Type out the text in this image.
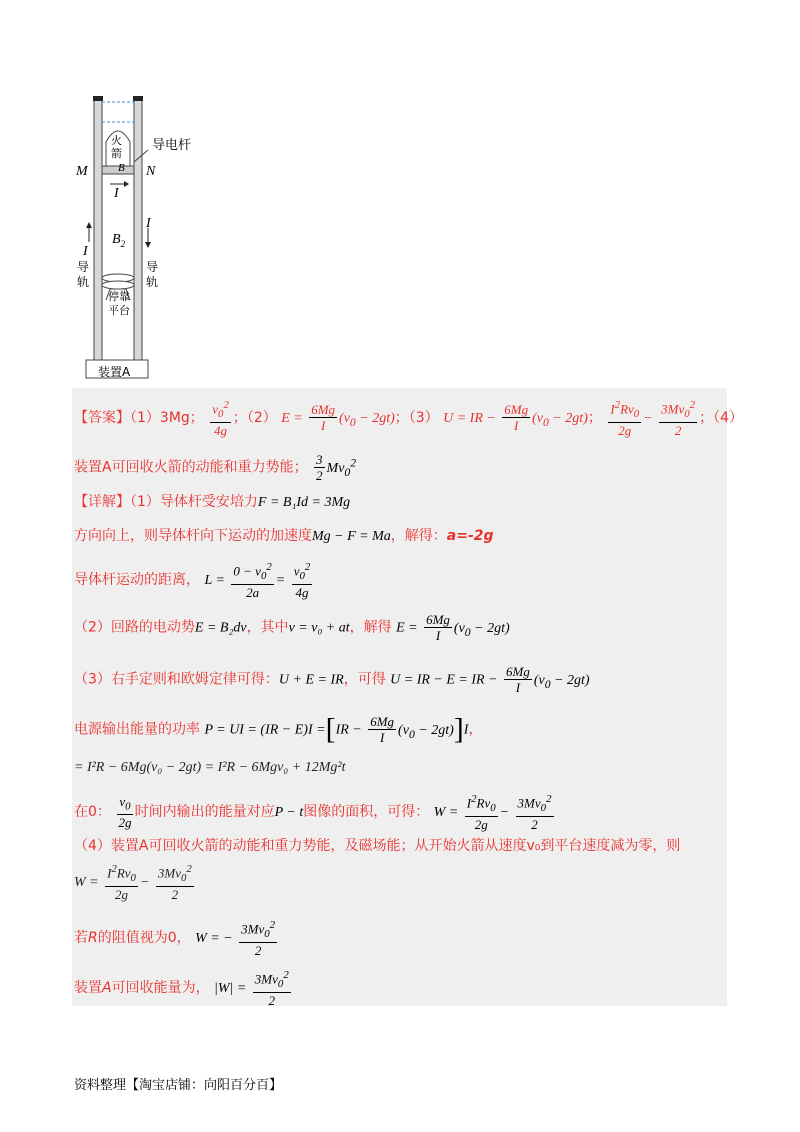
导电杆
M	N
B
I
$B_2$
I
I
导轨
导轨
火箭
停靠平台
装置A
【答案】（1）3Mg； $\frac{v_0^2}{4g}$ ；（2） $E = \frac{6Mg}{I} (v_0 - 2gt)$；（3） U = IR − $\frac{6Mg}{I} (v_0 - 2gt)$； $\frac{I^2Rv_0}{2g} - \frac{3Mv_0^2}{2}$ ；（4）
装置A可回收火箭的动能和重力势能； $\frac{3}{2} Mv_0^2$
【详解】（1）导体杆受安培力F = B₁Id = 3Mg
方向向上，则导体杆向下运动的加速度Mg − F = Ma，解得：a=-2g
导体杆运动的距离， $L = \frac{0 - v_0^2}{2a} = \frac{v_0^2}{4g}$
（2）回路的电动势E = B₂dv，其中v = v₀ + at，解得 $E = \frac{6Mg}{I} (v_0 - 2gt)$
（3）右手定则和欧姆定律可得：U + E = IR，可得 U = IR − E = IR − $\frac{6Mg}{I} (v_0 - 2gt)$
电源输出能量的功率 P = UI = $(IR - E)I =[IR - \frac{6Mg}{I} (v_0 - 2gt)]I$，
= I²R − 6Mg(v₀ − 2gt) = I²R − 6Mgv₀ + 12Mg²t
在0： $\frac{v_0}{2g}$ 时间内输出的能量对应P − t图像的面积，可得： $W = \frac{I^2Rv_0}{2g} - \frac{3Mv_0^2}{2}$
（4）装置A可回收火箭的动能和重力势能，及磁场能；从开始火箭从速度v₀到平台速度减为零，则
$W = \frac{I^2Rv_0}{2g} - \frac{3Mv_0^2}{2}$
若R的阻值视为0， W = − $\frac{3Mv_0^2}{2}$
装置A可回收能量为， $|W| = \frac{3Mv_0^2}{2}$
资料整理【淘宝店铺：向阳百分百】
